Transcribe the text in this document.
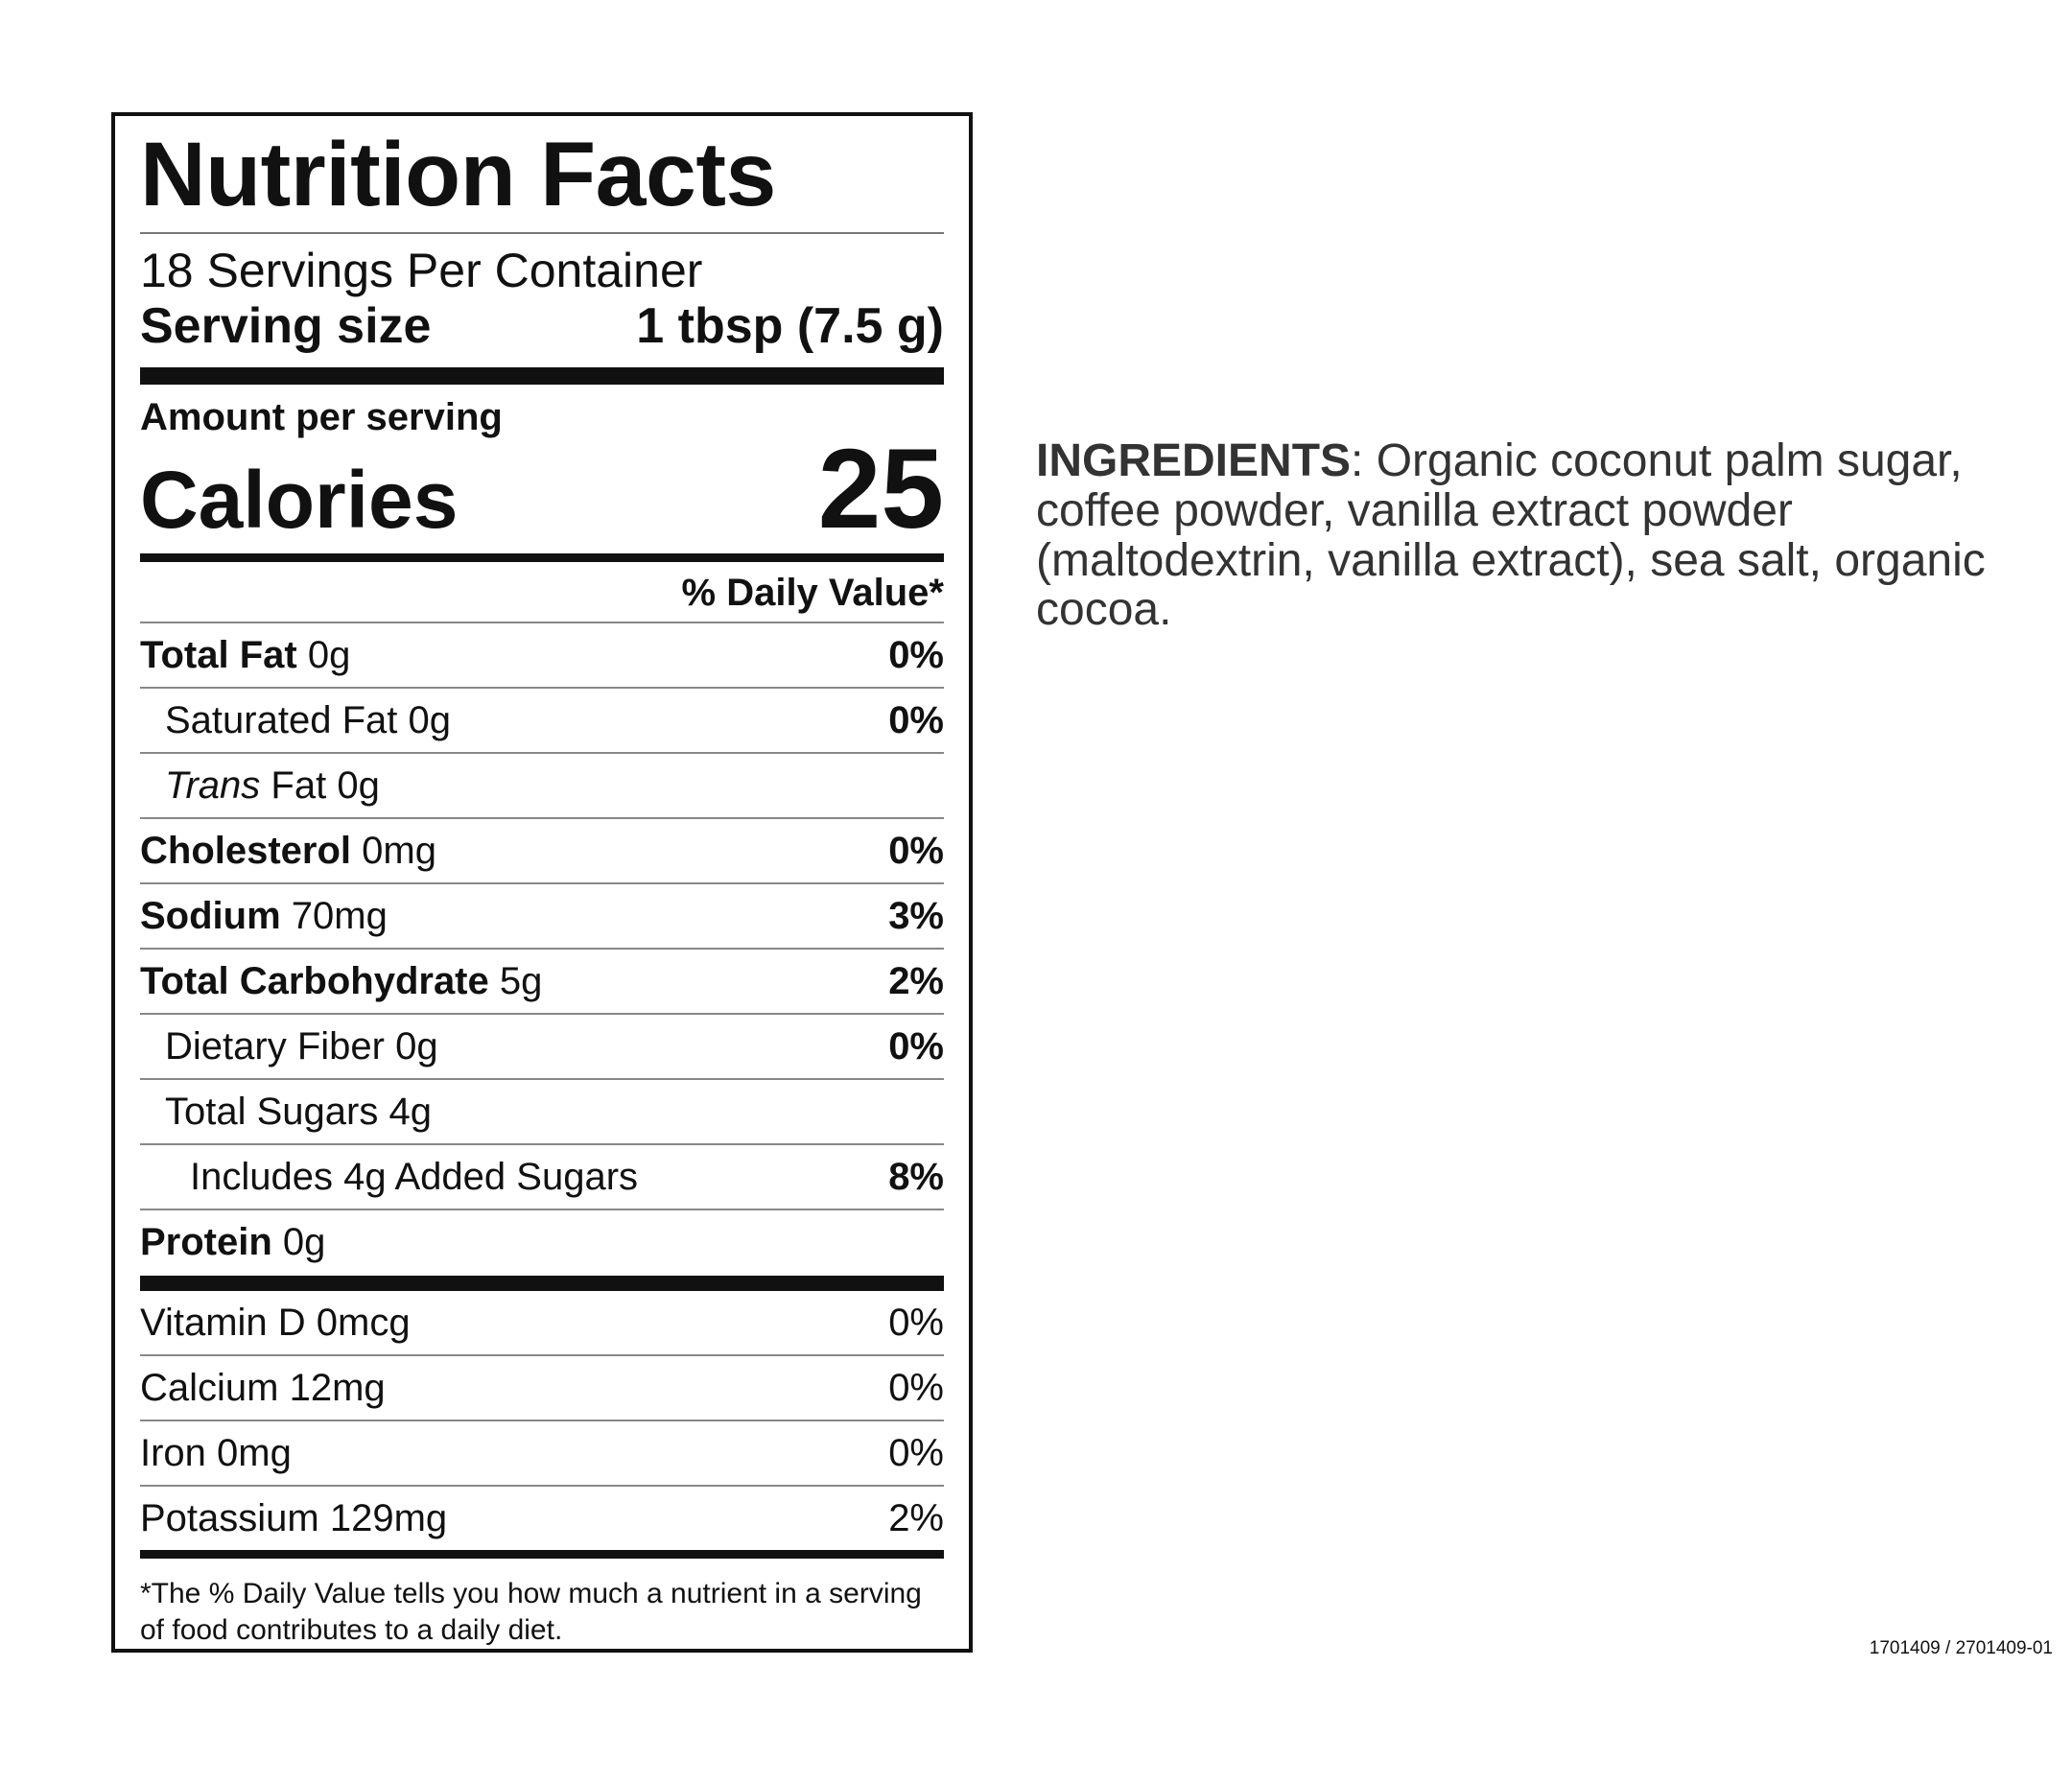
Nutrition Facts
18 Servings Per Container
Serving size	1 tbsp (7.5 g)
Amount per serving
Calories	25
% Daily Value*
Total Fat 0g	0%
Saturated Fat 0g	0%
Trans Fat 0g
Cholesterol 0mg	0%
Sodium 70mg	3%
Total Carbohydrate 5g	2%
Dietary Fiber 0g	0%
Total Sugars 4g
Includes 4g Added Sugars	8%
Protein 0g
Vitamin D 0mcg	0%
Calcium 12mg	0%
Iron 0mg	0%
Potassium 129mg	2%
*The % Daily Value tells you how much a nutrient in a serving of food contributes to a daily diet.
INGREDIENTS: Organic coconut palm sugar, coffee powder, vanilla extract powder (maltodextrin, vanilla extract), sea salt, organic cocoa.
1701409 / 2701409-01
